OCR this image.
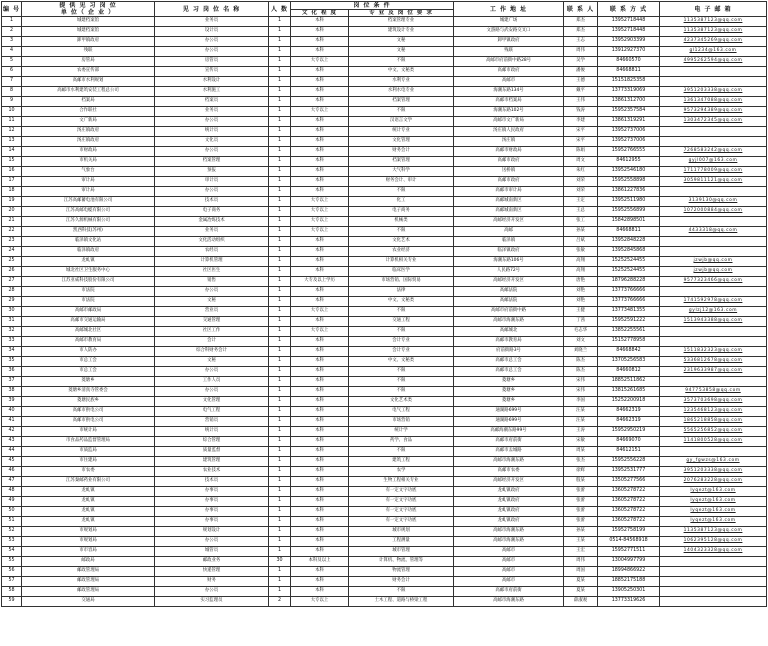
编 号	提 供 见 习 岗 位
单 位（ 企 业 ）	见 习 岗 位 名 称	人 数	岗 位 条 件		工 作 地 址	联 系 人	联 系 方 式	电 子 邮 箱
				文 化 程 度	专 业 及 岗 位 要 求				
1	城建档案馆	业务员	1	本科	档案管理专业	城建广场	郑杰	13952718448	1135387123@qq.com
2	城建档案馆	设计员	1	本科	建筑设计专业	文游路与武安路交叉口	郑杰	13952718448	1135387123@qq.com
3	卸甲镇政府	办公员	1	本科	文秘	卸甲镇政府	王志	13952903399	4237345269@qq.com
4	残联	办公员	1	本科	文秘	残联	周伟	13912927370	gl1234@163.com
5	房管局	房管员	1	大专以上	不限	高邮市府前街中路28号	吴学	84660570	4995262594@qq.com
6	农委宣传部	宣传员	1	本科	中文、文秘类	高邮市政府	潘俊	84668811	
7	高邮市水利规划	水利设计	1	本科	水利专业	高邮市	王德	15151825358	
8	高邮市水利建筑安装工程总公司	水利施工	1	本科	水利水电专业	海潮东路134号	戴平	13773319069	3951203338@qq.com
9	档案局	档案员	1	本科	档案管理	高邮市档案局	王伟	13861312700	1361347088@qq.com
10	合作联社	业务员	1	大专以上	不限	海潮东路102号	钱涛	15952357584	9573294389@qq.com
11	文广新局	办公员	1	本科	汉语言文学	高邮市文广新局	李建	13861319291	1303472345@qq.com
12	汤庄镇政府	统计员	1	本科	统计专业	汤庄镇人民政府	宋平	13952737006	
13	汤庄镇政府	文化员	1	本科	文化管理	汤庄镇	宋平	13952737006	
14	市财政局	办公员	1	本科	财务会计	高邮市财政局	陈娟	15952766555	7268583242@qq.com
15	市机关局	档案管理	1	本科	档案管理	高邮市政府	周文	84612955	gyjl007@163.com
16	气象台	预报	1	本科	大气科学	送桥镇	朱红	13952546180	1711778009@qq.com
17	审计局	审计员	1	本科	财务会计、审计	高邮市政府	刘荣	15952558898	3059811121@qq.com
18	审计局	办公员	1	本科	不限	高邮市审计局	刘荣	13861227836	
19	江苏高邮蓄电池有限公司	技术员	1	大专以上	化工	高邮城南新区	王定	13952511980	3139130@qq.com
20	江苏高邮电缆有限公司	电子商务	1	大专以上	电子商务	高邮城南新区	王总	15952556899	1072000884@qq.com
21	江苏久源机械有限公司	金属冶炼技术	1	大专以上	机械类	高邮经济开发区	张工	15842898501	
22	凯西科技(苏州)	业务员	1	大专以上	不限	高邮	孙某	84668811	4433318@qq.com
23	临泽镇文化站	文化活动组织	1	本科	文化艺术	临泽镇	吕斌	13952848228	
24	临泽镇政府	农经员	1	本科	农业经济	临泽镇政府	张敏	13952845868	
25	龙虬镇	计算机管理	1	本科	计算机相关专业	海潮东路106号	高翔	15252524455	jzwjb@qq.com
26	城北社区卫生服务中心	社区医生	1	本科	临床医学	人民路72号	高翔	15252524455	jzwjb@qq.com
27	江苏亚威科技股份有限公司	销售	1	大专及以上学历	市场营销、国际贸易	高邮经济开发区	唐艳	18796288228	9577323466@qq.com
28	市法院	办公员	1	本科	法律	高邮法院	刘艳	13773766666	
29	市法院	文秘	1	本科	中文、文秘类	高邮法院	刘艳	13773766666	1741592978@qq.com
30	高邮市邮政局	营业员	1	大专以上	不限	高邮市府前街中路	王健	13773481355	gylzj12@163.com
31	高邮市交通运输局	交通管理	1	本科	交通工程	高邮市海潮东路	丁茜	15952591222	1513943388@qq.com
32	高邮城北社区	社区工作	1	大专以上	不限	高邮城北	毛志华	13852255561	
33	高邮市教育局	会计	1	本科	会计专业	高邮市教育局	刘文	15152778958	
34	市人防办	综合科财务会计	1	本科	会计专业	府前街路3号	刘晓兰	84668842	1511832323@qq.com
35	市总工会	文秘	1	本科	中文、文秘类	高邮市总工会	陈杰	13705256583	5336812678@qq.com
36	市总工会	办公员	1	本科	不限	高邮市总工会	陈杰	84660812	2319633987@qq.com
37	菱塘乡	工作人员	1	本科	不限	菱塘乡	宋伟	18852511862	
38	菱塘乡清真寺管委会	办公员	1	本科	不限	菱塘乡	宋伟	13815261685	947753858@qq.com
39	菱塘民族乡	文化管理	1	本科	文化艺术类	菱塘乡	李国	15252200918	3573703698@qq.com
40	高邮市供电公司	电气工程	1	本科	电气工程	通湖路699号	汪某	84662319	1235468123@qq.com
41	高邮市供电公司	营销员	1	本科	市场营销	通湖路699号	汪某	84662319	1865218858@qq.com
42	市统计局	统计员	1	本科	统计学	高邮海潮东路99号	王涛	15952950219	5565256852@qq.com
43	市食品药品监督管理局	综合管理	1	本科	药学、食品	高邮市府前街	宋敏	84669070	1141800528@qq.com
44	市质监局	质量监督	1	本科	不限	高邮市盂城路	周某	84612151	
45	市住建局	建筑管理	1	本科	建筑工程	高邮市海潮东路	张杰	15952556228	gy_fgwzs@163.com
46	市农委	农业技术	1	本科	农学	高邮市农委	徐辉	13952531777	3951203338@qq.com
47	江苏秦邮药业有限公司	技术员	1	本科	生物工程相关专业	高邮经济开发区	殷某	13505277566	2076283228@qq.com
48	龙虬镇	办事员	1	本科	有一定文字功底	龙虬镇政府	张蕾	13605278722	lyqezt@163.com
49	龙虬镇	办事员	1	本科	有一定文字功底	龙虬镇政府	张蕾	13605278722	lyqezt@163.com
50	龙虬镇	办事员	1	本科	有一定文字功底	龙虬镇政府	张蕾	13605278722	lyqezt@163.com
51	龙虬镇	办事员	1	本科	有一定文字功底	龙虬镇政府	张蕾	13605278722	lyqezt@163.com
52	市规划局	规划设计	1	本科	城市规划	高邮市海潮东路	孙某	15952758199	1135387123@qq.com
53	市规划局	办公员	1	本科	工程测量	高邮市海潮东路	王某	0514-84568918	1062395128@qq.com
54	市市容局	城管员	1	本科	城市管理	高邮市	王宏	15952771511	1404323328@qq.com
55	邮政局	邮政业务	30	本科及以上	计算机、物流、管理等	高邮市	周伟	13004997799	
56	邮政管理局	快递管理	1	本科	物流管理	高邮市	周国	18994866922	
57	邮政管理局	财务	1	本科	财务会计	高邮市	夏某	18852175188	
58	邮政管理局	办公员	1	本科	不限	高邮市府前街	夏某	13905250301	
59	交通局	实习监理员	2	大专以上	土木工程、道路与桥梁工程	高邮市海潮东路	薛淑观	13773319626	
